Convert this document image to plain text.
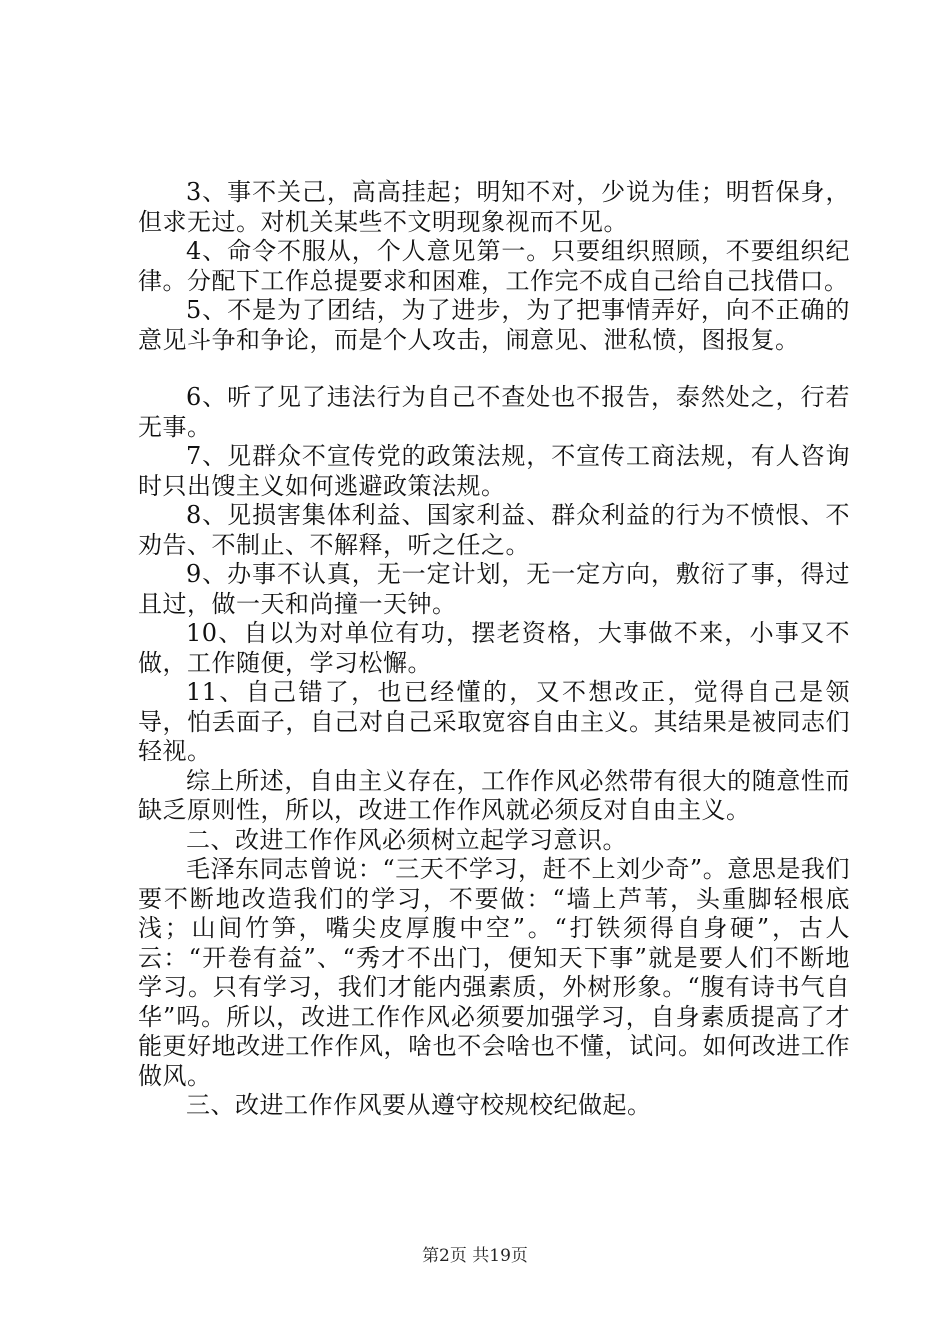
3、事不关己，高高挂起；明知不对，少说为佳；明哲保身，但求无过。对机关某些不文明现象视而不见。

4、命令不服从，个人意见第一。只要组织照顾，不要组织纪律。分配下工作总提要求和困难，工作完不成自己给自己找借口。

5、不是为了团结，为了进步，为了把事情弄好，向不正确的意见斗争和争论，而是个人攻击，闹意见、泄私愤，图报复。

6、听了见了违法行为自己不查处也不报告，泰然处之，行若无事。

7、见群众不宣传党的政策法规，不宣传工商法规，有人咨询时只出馊主义如何逃避政策法规。

8、见损害集体利益、国家利益、群众利益的行为不愤恨、不劝告、不制止、不解释，听之任之。

9、办事不认真，无一定计划，无一定方向，敷衍了事，得过且过，做一天和尚撞一天钟。

10、自以为对单位有功，摆老资格，大事做不来，小事又不做，工作随便，学习松懈。

11、自己错了，也已经懂的，又不想改正，觉得自己是领导，怕丢面子，自己对自己采取宽容自由主义。其结果是被同志们轻视。

综上所述，自由主义存在，工作作风必然带有很大的随意性而缺乏原则性，所以，改进工作作风就必须反对自由主义。

二、改进工作作风必须树立起学习意识。

毛泽东同志曾说：“三天不学习，赶不上刘少奇”。意思是我们要不断地改造我们的学习，不要做：“墙上芦苇，头重脚轻根底浅；山间竹笋，嘴尖皮厚腹中空”。“打铁须得自身硬”，古人云：“开卷有益”、“秀才不出门，便知天下事”就是要人们不断地学习。只有学习，我们才能内强素质，外树形象。“腹有诗书气自华”吗。所以，改进工作作风必须要加强学习，自身素质提高了才能更好地改进工作作风，啥也不会啥也不懂，试问。如何改进工作做风。

三、改进工作作风要从遵守校规校纪做起。

第2页 共19页
